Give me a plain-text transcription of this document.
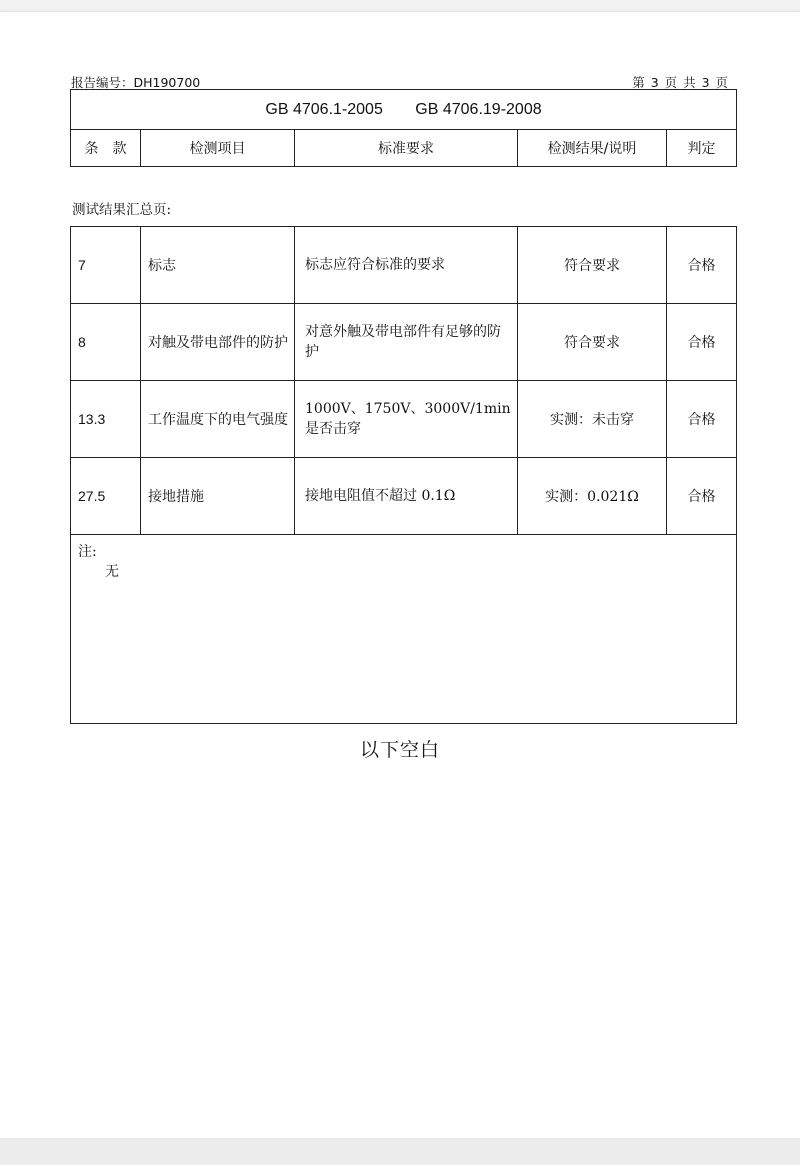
报告编号：DH190700	第 3 页 共 3 页
GB 4706.1-2005 GB 4706.19-2008
条　款	检测项目	标准要求	检测结果/说明	判定
测试结果汇总页:
7	标志	标志应符合标准的要求	符合要求	合格
8	对触及带电部件的防护	对意外触及带电部件有足够的防护	符合要求	合格
13.3	工作温度下的电气强度	1000V、1750V、3000V/1min 是否击穿	实测：未击穿	合格
27.5	接地措施	接地电阻值不超过 0.1Ω	实测：0.021Ω	合格

注:
无				
以下空白
